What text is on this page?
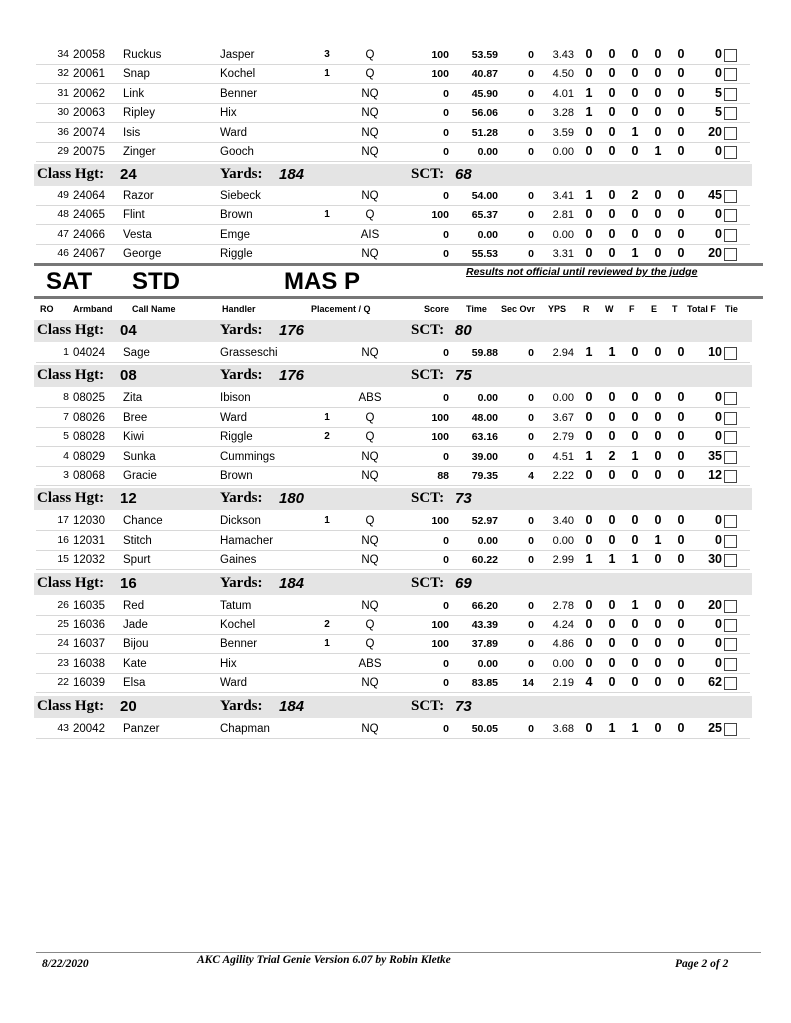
34 20058 Ruckus	Jasper	3	Q	100	53.59	0	3.43 0 0 0 0 0	0
32 20061 Snap	Kochel	1	Q	100	40.87	0	4.50 0 0 0 0 0	0
31 20062 Link	Benner	NQ	0	45.90	0	4.01 1 0 0 0 0	5
30 20063 Ripley	Hix	NQ	0	56.06	0	3.28 1 0 0 0 0	5
36 20074 Isis	Ward	NQ	0	51.28	0	3.59 0 0 1 0 0	20
29 20075 Zinger	Gooch	NQ	0	0.00	0	0.00 0 0 0 1 0	0
Class Hgt: 24	Yards: 184	SCT: 68
49 24064 Razor	Siebeck	NQ	0	54.00	0	3.41 1 0 2 0 0	45
48 24065 Flint	Brown	1	Q	100	65.37	0	2.81 0 0 0 0 0	0
47 24066 Vesta	Emge	AIS	0	0.00	0	0.00 0 0 0 0 0	0
46 24067 George	Riggle	NQ	0	55.53	0	3.31 0 0 1 0 0	20
SAT STD	MAS P	Results not official until reviewed by the judge
RO Armband Call Name	Handler	Placement / Q	Score Time Sec Ovr YPS R W F E T Total F Tie
Class Hgt: 04	Yards: 176	SCT: 80
1 04024 Sage	Grasseschi	NQ	0	59.88	0	2.94 1 1 0 0 0	10
Class Hgt: 08	Yards: 176	SCT: 75
8 08025 Zita	Ibison	ABS	0	0.00	0	0.00 0 0 0 0 0	0
7 08026 Bree	Ward	1	Q	100	48.00	0	3.67 0 0 0 0 0	0
5 08028 Kiwi	Riggle	2	Q	100	63.16	0	2.79 0 0 0 0 0	0
4 08029 Sunka	Cummings	NQ	0	39.00	0	4.51 1 2 1 0 0	35
3 08068 Gracie	Brown	NQ	88	79.35	4	2.22 0 0 0 0 0	12
Class Hgt: 12	Yards: 180	SCT: 73
17 12030 Chance	Dickson	1	Q	100	52.97	0	3.40 0 0 0 0 0	0
16 12031 Stitch	Hamacher	NQ	0	0.00	0	0.00 0 0 0 1 0	0
15 12032 Spurt	Gaines	NQ	0	60.22	0	2.99 1 1 1 0 0	30
Class Hgt: 16	Yards: 184	SCT: 69
26 16035 Red	Tatum	NQ	0	66.20	0	2.78 0 0 1 0 0	20
25 16036 Jade	Kochel	2	Q	100	43.39	0	4.24 0 0 0 0 0	0
24 16037 Bijou	Benner	1	Q	100	37.89	0	4.86 0 0 0 0 0	0
23 16038 Kate	Hix	ABS	0	0.00	0	0.00 0 0 0 0 0	0
22 16039 Elsa	Ward	NQ	0	83.85	14	2.19 4 0 0 0 0	62
Class Hgt: 20	Yards: 184	SCT: 73
43 20042 Panzer	Chapman	NQ	0	50.05	0	3.68 0 1 1 0 0	25
8/22/2020	AKC Agility Trial Genie Version 6.07 by Robin Kletke	Page 2 of 2
